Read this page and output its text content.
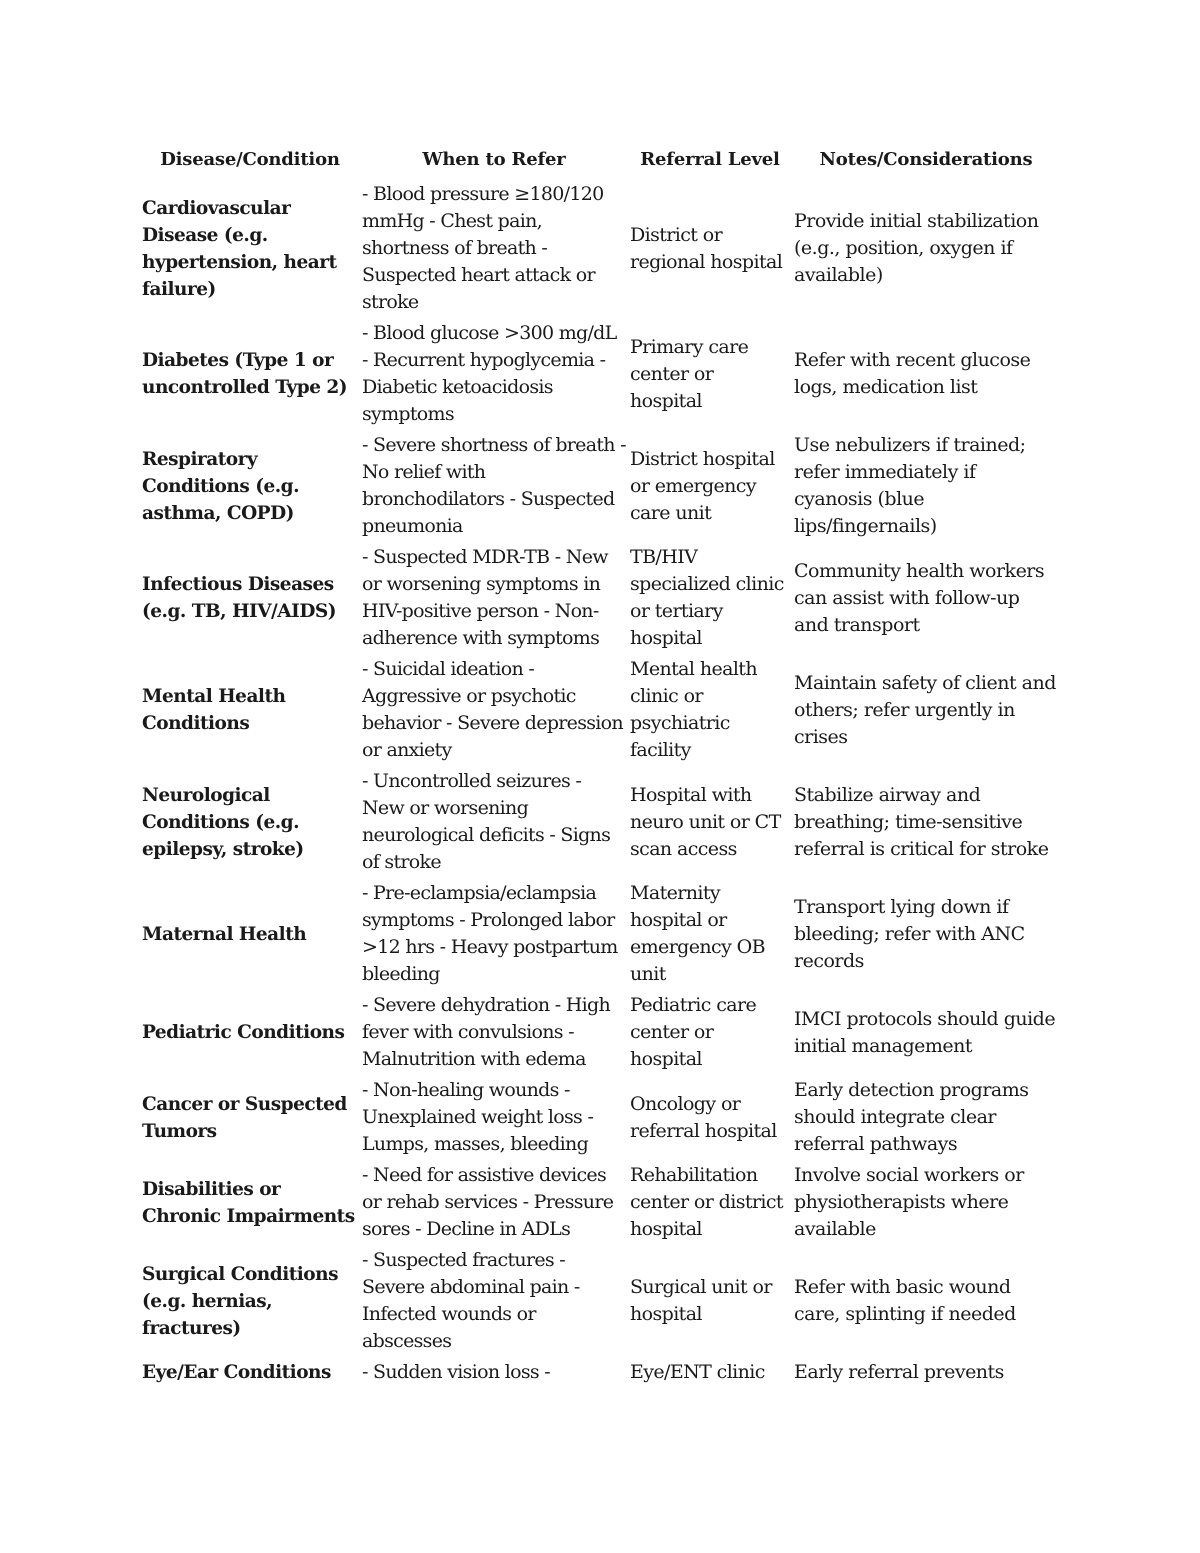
Disease/Condition	When to Refer	Referral Level	Notes/Considerations
Cardiovascular Disease (e.g. hypertension, heart failure)	- Blood pressure ≥180/120 mmHg - Chest pain, shortness of breath - Suspected heart attack or stroke	District or regional hospital	Provide initial stabilization (e.g., position, oxygen if available)
Diabetes (Type 1 or uncontrolled Type 2)	- Blood glucose >300 mg/dL - Recurrent hypoglycemia - Diabetic ketoacidosis symptoms	Primary care center or hospital	Refer with recent glucose logs, medication list
Respiratory Conditions (e.g. asthma, COPD)	- Severe shortness of breath - No relief with bronchodilators - Suspected pneumonia	District hospital or emergency care unit	Use nebulizers if trained; refer immediately if cyanosis (blue lips/fingernails)
Infectious Diseases (e.g. TB, HIV/AIDS)	- Suspected MDR-TB - New or worsening symptoms in HIV-positive person - Non-adherence with symptoms	TB/HIV specialized clinic or tertiary hospital	Community health workers can assist with follow-up and transport
Mental Health Conditions	- Suicidal ideation - Aggressive or psychotic behavior - Severe depression or anxiety	Mental health clinic or psychiatric facility	Maintain safety of client and others; refer urgently in crises
Neurological Conditions (e.g. epilepsy, stroke)	- Uncontrolled seizures - New or worsening neurological deficits - Signs of stroke	Hospital with neuro unit or CT scan access	Stabilize airway and breathing; time-sensitive referral is critical for stroke
Maternal Health	- Pre-eclampsia/eclampsia symptoms - Prolonged labor >12 hrs - Heavy postpartum bleeding	Maternity hospital or emergency OB unit	Transport lying down if bleeding; refer with ANC records
Pediatric Conditions	- Severe dehydration - High fever with convulsions - Malnutrition with edema	Pediatric care center or hospital	IMCI protocols should guide initial management
Cancer or Suspected Tumors	- Non-healing wounds - Unexplained weight loss - Lumps, masses, bleeding	Oncology or referral hospital	Early detection programs should integrate clear referral pathways
Disabilities or Chronic Impairments	- Need for assistive devices or rehab services - Pressure sores - Decline in ADLs	Rehabilitation center or district hospital	Involve social workers or physiotherapists where available
Surgical Conditions (e.g. hernias, fractures)	- Suspected fractures - Severe abdominal pain - Infected wounds or abscesses	Surgical unit or hospital	Refer with basic wound care, splinting if needed
Eye/Ear Conditions	- Sudden vision loss -	Eye/ENT clinic	Early referral prevents
